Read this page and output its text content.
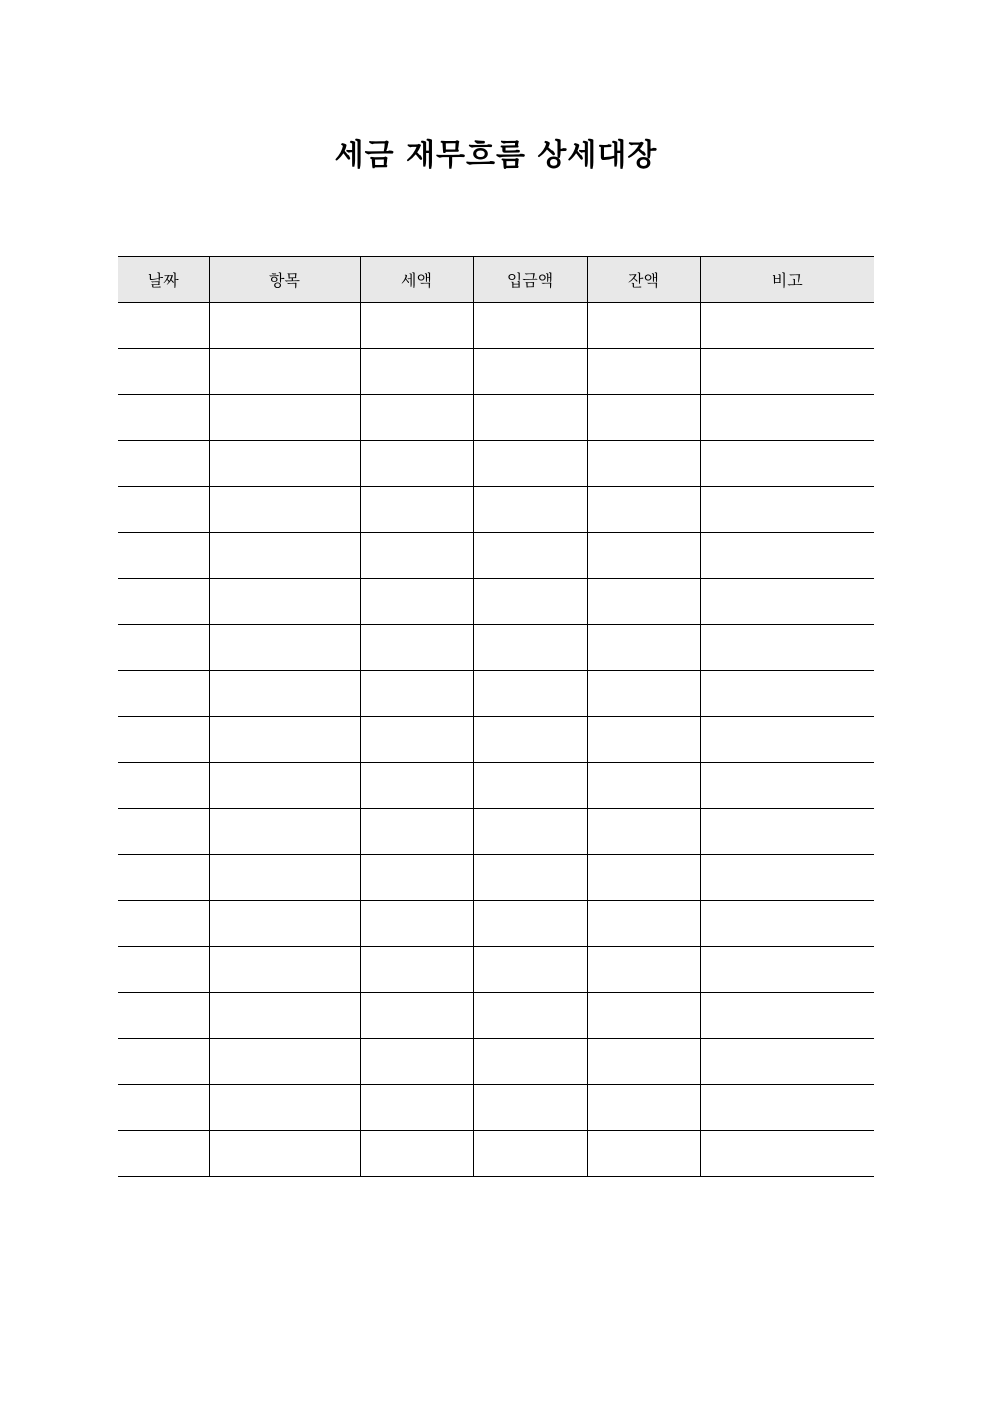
세금 재무흐름 상세대장
날짜	항목	세액	입금액	잔액	비고
